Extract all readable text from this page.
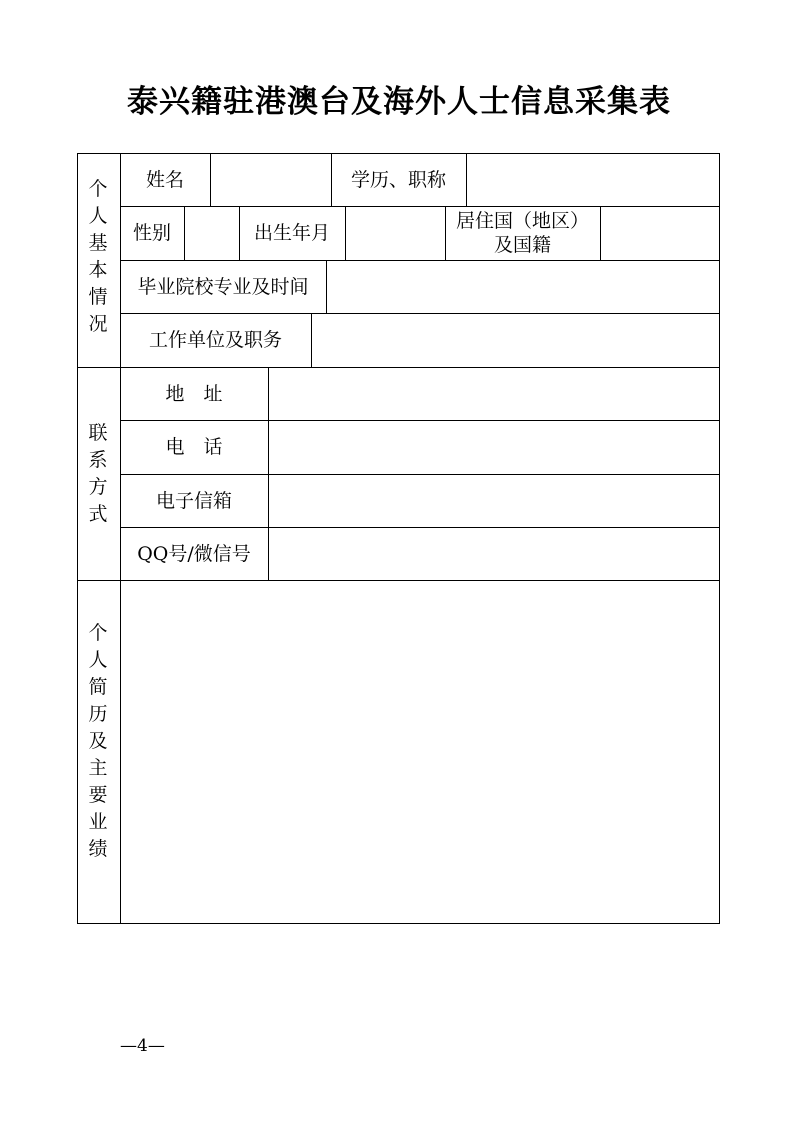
泰兴籍驻港澳台及海外人士信息采集表
个人基本情况
联系方式
个人简历及主要业绩
姓名	学历、职称
性别	出生年月
居住国（地区）
及国籍
毕业院校专业及时间
工作单位及职务
地　址
电　话
电子信箱
QQ号/微信号
—4—
